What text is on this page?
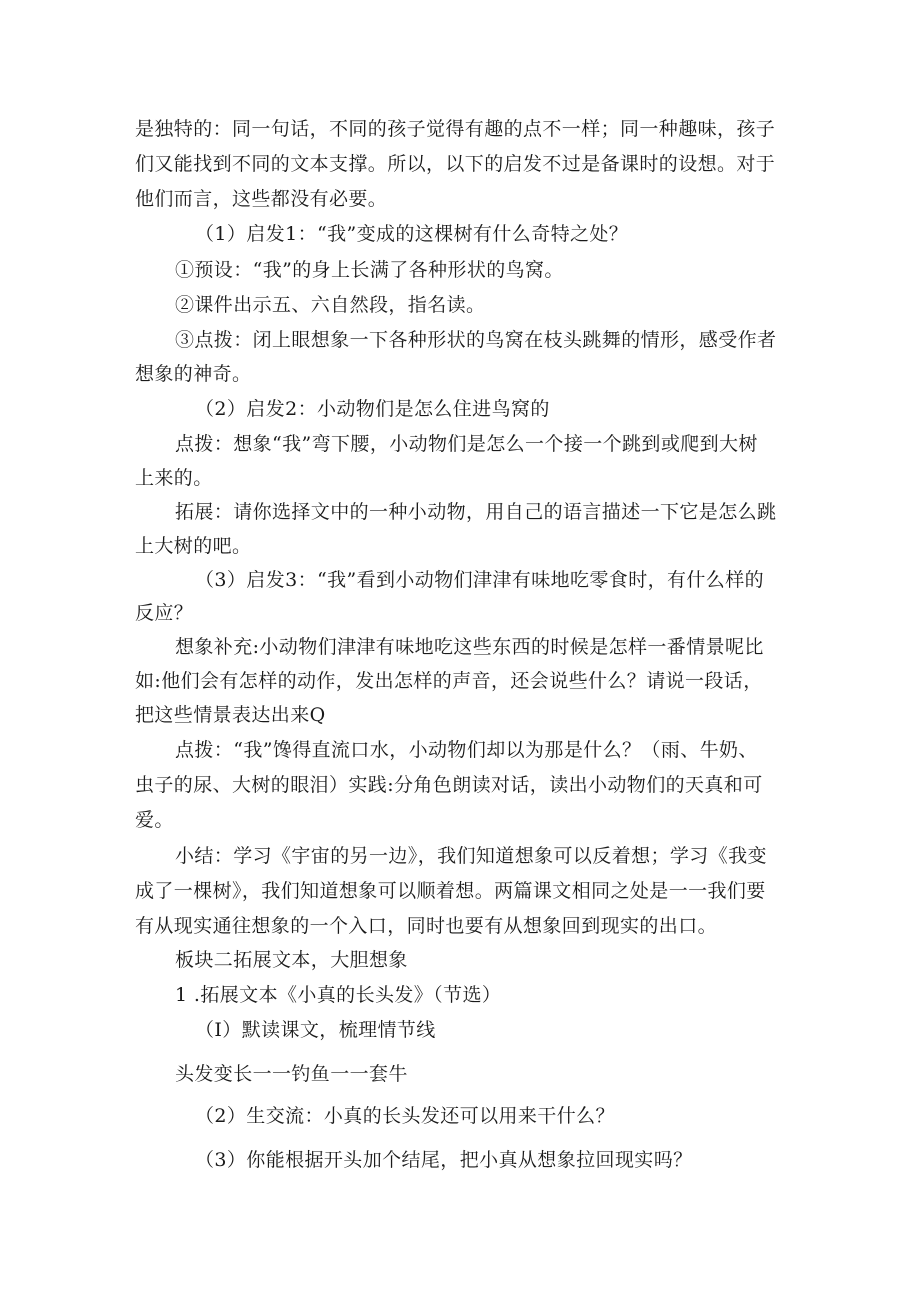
是独特的：同一句话，不同的孩子觉得有趣的点不一样；同一种趣味，孩子

们又能找到不同的文本支撑。所以，以下的启发不过是备课时的设想。对于

他们而言，这些都没有必要。

（1）启发1：“我”变成的这棵树有什么奇特之处？

①预设：“我”的身上长满了各种形状的鸟窝。

②课件出示五、六自然段，指名读。

③点拨：闭上眼想象一下各种形状的鸟窝在枝头跳舞的情形，感受作者

想象的神奇。

（2）启发2：小动物们是怎么住进鸟窝的

点拨：想象“我”弯下腰，小动物们是怎么一个接一个跳到或爬到大树

上来的。

拓展：请你选择文中的一种小动物，用自己的语言描述一下它是怎么跳

上大树的吧。

（3）启发3：“我”看到小动物们津津有味地吃零食时，有什么样的

反应？

想象补充:小动物们津津有味地吃这些东西的时候是怎样一番情景呢比

如:他们会有怎样的动作，发出怎样的声音，还会说些什么？请说一段话，

把这些情景表达出来Q

点拨：“我”馋得直流口水，小动物们却以为那是什么？（雨、牛奶、

虫子的尿、大树的眼泪）实践:分角色朗读对话，读出小动物们的天真和可

爱。

小结：学习《宇宙的另一边》，我们知道想象可以反着想；学习《我变

成了一棵树》，我们知道想象可以顺着想。两篇课文相同之处是一一我们要

有从现实通往想象的一个入口，同时也要有从想象回到现实的出口。

板块二拓展文本，大胆想象

1 .拓展文本《小真的长头发》（节选）

（I）默读课文，梳理情节线

头发变长一一钓鱼一一套牛

（2）生交流：小真的长头发还可以用来干什么？

（3）你能根据开头加个结尾，把小真从想象拉回现实吗？
